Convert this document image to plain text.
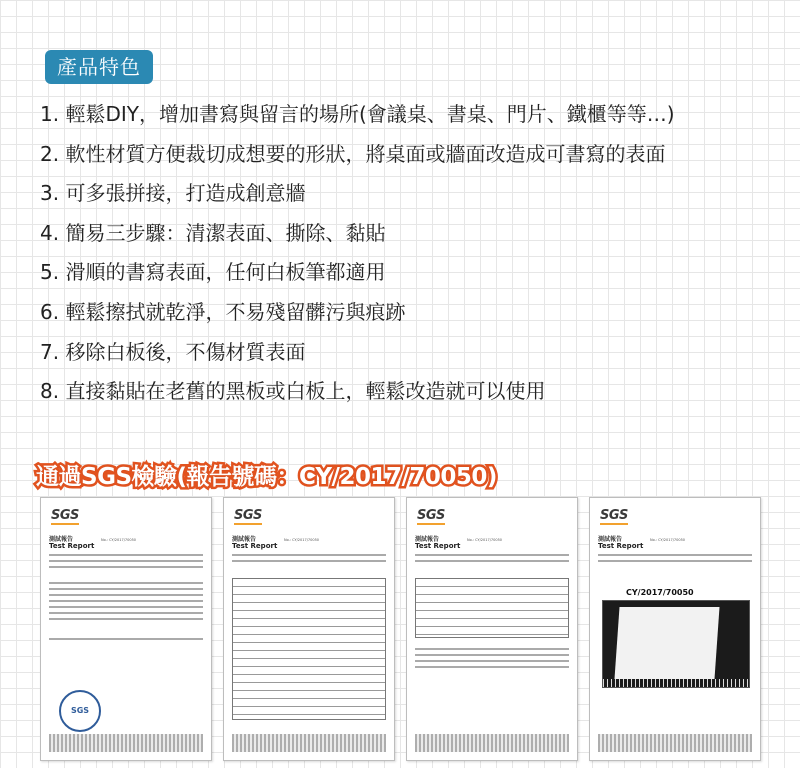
產品特色
1. 輕鬆DIY，增加書寫與留言的場所(會議桌、書桌、門片、鐵櫃等等…)
2. 軟性材質方便裁切成想要的形狀，將桌面或牆面改造成可書寫的表面
3. 可多張拼接，打造成創意牆
4. 簡易三步驟：清潔表面、撕除、黏貼
5. 滑順的書寫表面，任何白板筆都適用
6. 輕鬆擦拭就乾淨，不易殘留髒污與痕跡
7. 移除白板後，不傷材質表面
8. 直接黏貼在老舊的黑板或白板上，輕鬆改造就可以使用
通過SGS檢驗(報告號碼：CY/2017/70050)
SGS
測試報告
Test Report
No.: CY/2017/70050
SGS
SGS
測試報告
Test Report
No.: CY/2017/70050
SGS
測試報告
Test Report
No.: CY/2017/70050
SGS
測試報告
Test Report
No.: CY/2017/70050
CY/2017/70050
